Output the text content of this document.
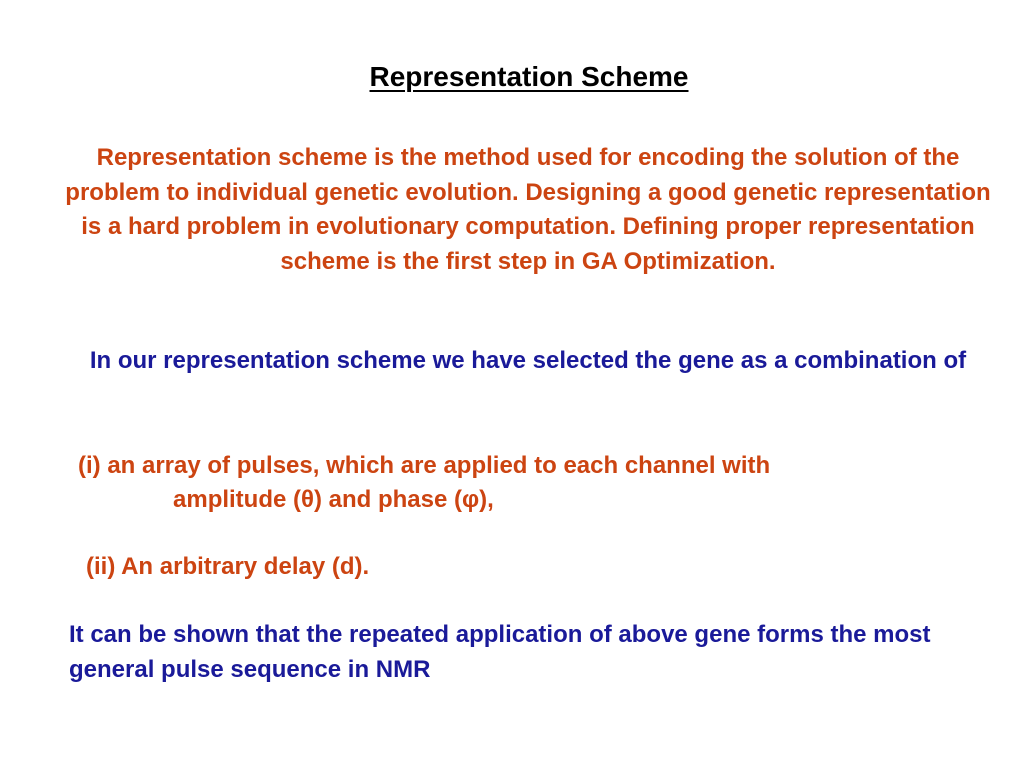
Representation Scheme

Representation scheme is the method used for encoding the solution of the problem to individual genetic evolution. Designing a good genetic representation is a hard problem in evolutionary computation. Defining proper representation scheme is the first step in GA Optimization.

In our representation scheme we have selected the gene as a combination of

(i) an array of pulses, which are applied to each channel with
amplitude (θ) and phase (φ),

(ii) An arbitrary delay (d).

It can be shown that the repeated application of above gene forms the most general pulse sequence in NMR
